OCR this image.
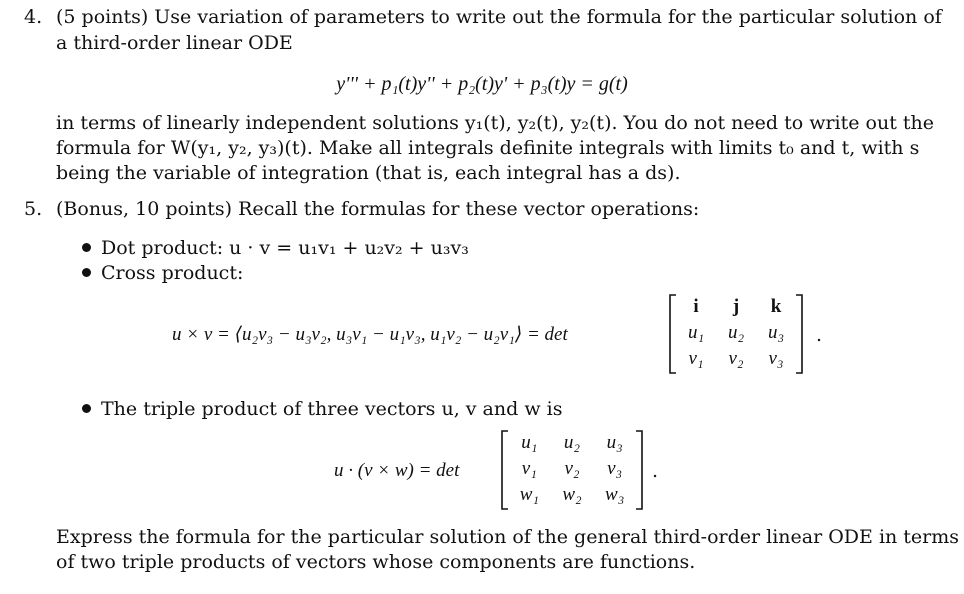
4. (5 points) Use variation of parameters to write out the formula for the particular solution of
a third-order linear ODE
y''' + p₁(t)y'' + p₂(t)y' + p₃(t)y = g(t)
in terms of linearly independent solutions y₁(t), y₂(t), y₂(t). You do not need to write out the
formula for W(y₁, y₂, y₃)(t). Make all integrals definite integrals with limits t₀ and t, with s
being the variable of integration (that is, each integral has a ds).
5. (Bonus, 10 points) Recall the formulas for these vector operations:
Dot product: u · v = u₁v₁ + u₂v₂ + u₃v₃
Cross product:
u × v = ⟨u₂v₃ − u₃v₂, u₃v₁ − u₁v₃, u₁v₂ − u₂v₁⟩ = det
i	j	k
u₁	u₂	u₃
v₁	v₂	v₃
.
The triple product of three vectors u, v and w is
u · (v × w) = det
u₁	u₂	u₃
v₁	v₂	v₃
w₁	w₂	w₃
.
Express the formula for the particular solution of the general third-order linear ODE in terms
of two triple products of vectors whose components are functions.
